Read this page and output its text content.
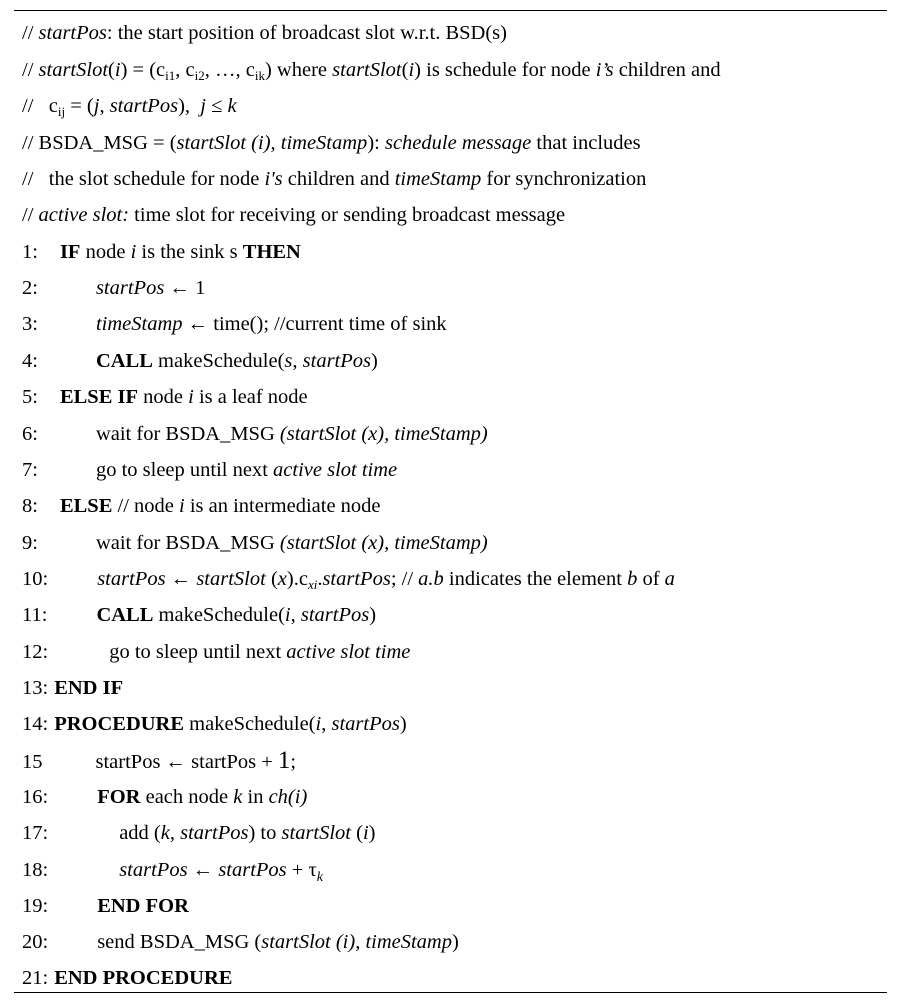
// startPos: the start position of broadcast slot w.r.t. BSD(s)
// startSlot(i) = ($c_{i1}$, $c_{i2}$, …, $c_{ik}$) where startSlot(i) is schedule for node i’s children and
//   $c_{ij} = (j$, startPos),  j ≤ k
// BSDA_MSG = (startSlot (i), timeStamp): schedule message that includes
//   the slot schedule for node i's children and timeStamp for synchronization
// active slot: time slot for receiving or sending broadcast message
1: IF node i is the sink s THEN
2:	startPos ← 1
3:	timeStamp ← time(); //current time of sink
4:	CALL makeSchedule(s, startPos)
5: ELSE IF node i is a leaf node
6:	wait for BSDA_MSG (startSlot (x), timeStamp)
7:	go to sleep until next active slot time
8: ELSE // node i is an intermediate node
9:	wait for BSDA_MSG (startSlot (x), timeStamp)
10: startPos ← startSlot $(x).c_{xi}.startPos$; // a.b indicates the element b of a
11: CALL makeSchedule(i, startPos)
12:	go to sleep until next active slot time
13: END IF
14: PROCEDURE makeSchedule(i, startPos)
15	startPos ← startPos + 1;
16: FOR each node k in ch(i)
17:	add (k, startPos) to startSlot (i)
18:	startPos ← startPos + $\tau_k$
19: END FOR
20: send BSDA_MSG (startSlot (i), timeStamp)
21: END PROCEDURE
